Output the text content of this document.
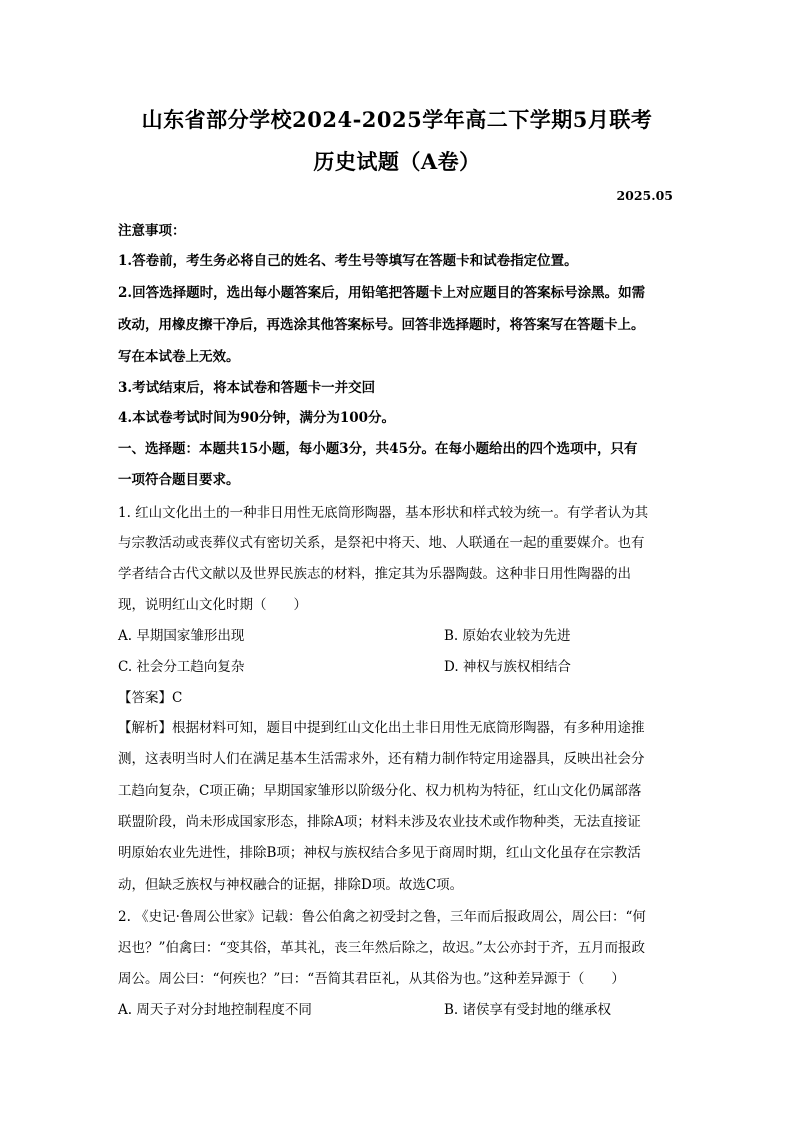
山东省部分学校2024-2025学年高二下学期5月联考
历史试题（A卷）
2025.05
注意事项：
1.答卷前，考生务必将自己的姓名、考生号等填写在答题卡和试卷指定位置。
2.回答选择题时，选出每小题答案后，用铅笔把答题卡上对应题目的答案标号涂黑。如需
改动，用橡皮擦干净后，再选涂其他答案标号。回答非选择题时，将答案写在答题卡上。
写在本试卷上无效。
3.考试结束后，将本试卷和答题卡一并交回
4.本试卷考试时间为90分钟，满分为100分。
一、选择题：本题共15小题，每小题3分，共45分。在每小题给出的四个选项中，只有
一项符合题目要求。
1. 红山文化出土的一种非日用性无底筒形陶器，基本形状和样式较为统一。有学者认为其
与宗教活动或丧葬仪式有密切关系，是祭祀中将天、地、人联通在一起的重要媒介。也有
学者结合古代文献以及世界民族志的材料，推定其为乐器陶鼓。这种非日用性陶器的出
现，说明红山文化时期（　　）
A. 早期国家雏形出现	B. 原始农业较为先进
C. 社会分工趋向复杂	D. 神权与族权相结合
【答案】C
【解析】根据材料可知，题目中提到红山文化出土非日用性无底筒形陶器，有多种用途推
测，这表明当时人们在满足基本生活需求外，还有精力制作特定用途器具，反映出社会分
工趋向复杂，C项正确；早期国家雏形以阶级分化、权力机构为特征，红山文化仍属部落
联盟阶段，尚未形成国家形态，排除A项；材料未涉及农业技术或作物种类，无法直接证
明原始农业先进性，排除B项；神权与族权结合多见于商周时期，红山文化虽存在宗教活
动，但缺乏族权与神权融合的证据，排除D项。故选C项。
2. 《史记·鲁周公世家》记载：鲁公伯禽之初受封之鲁，三年而后报政周公，周公曰：“何
迟也？”伯禽曰：“变其俗，革其礼，丧三年然后除之，故迟。”太公亦封于齐，五月而报政
周公。周公曰：“何疾也？”曰：“吾简其君臣礼，从其俗为也。”这种差异源于（　　）
A. 周天子对分封地控制程度不同	B. 诸侯享有受封地的继承权
